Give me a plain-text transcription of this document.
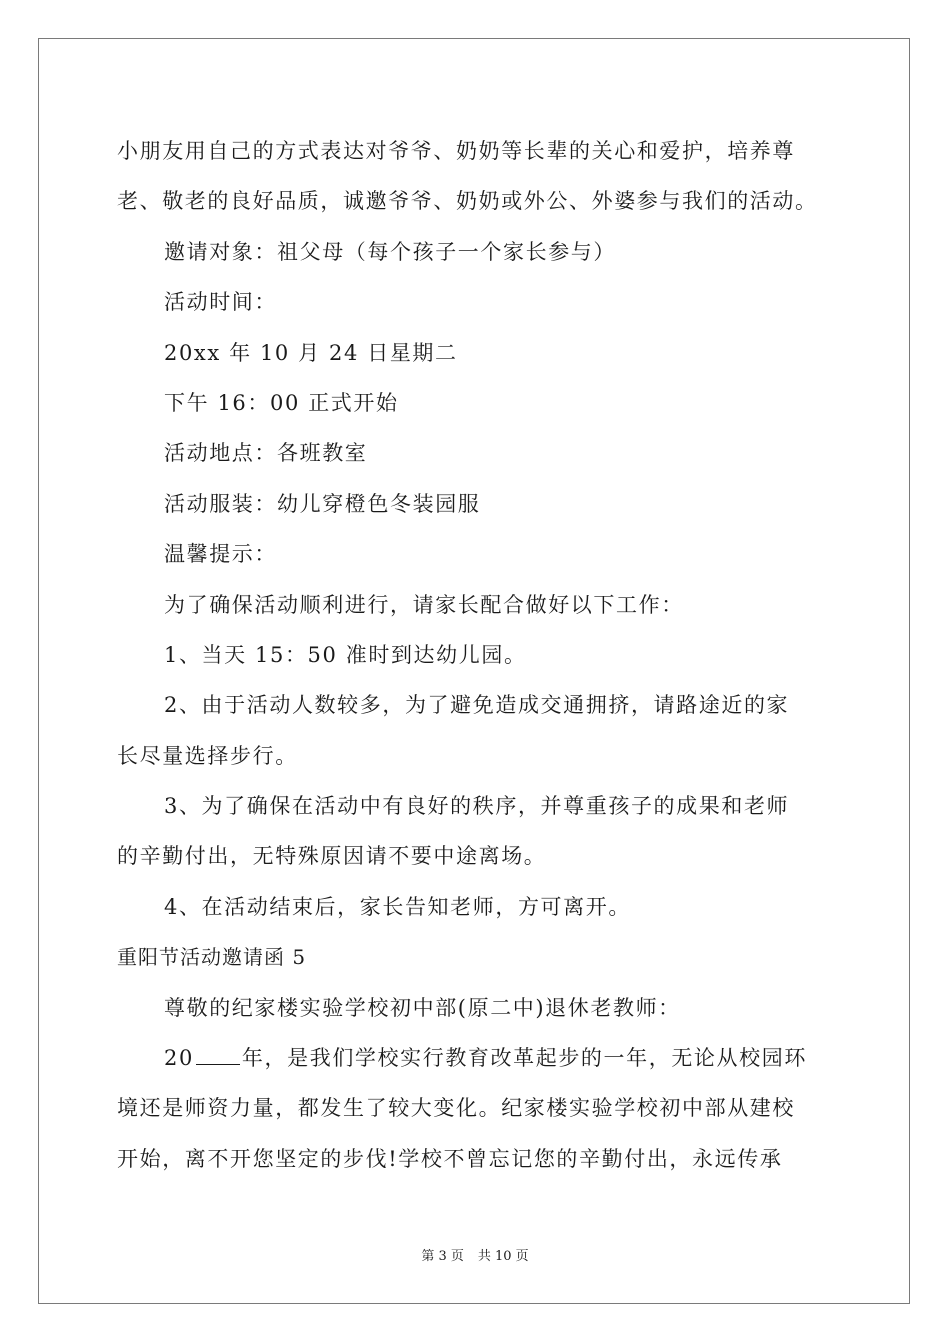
小朋友用自己的方式表达对爷爷、奶奶等长辈的关心和爱护，培养尊
老、敬老的良好品质，诚邀爷爷、奶奶或外公、外婆参与我们的活动。
邀请对象：祖父母（每个孩子一个家长参与）
活动时间：
20xx 年 10 月 24 日星期二
下午 16：00 正式开始
活动地点：各班教室
活动服装：幼儿穿橙色冬装园服
温馨提示：
为了确保活动顺利进行，请家长配合做好以下工作：
1、当天 15：50 准时到达幼儿园。
2、由于活动人数较多，为了避免造成交通拥挤，请路途近的家
长尽量选择步行。
3、为了确保在活动中有良好的秩序，并尊重孩子的成果和老师
的辛勤付出，无特殊原因请不要中途离场。
4、在活动结束后，家长告知老师，方可离开。
重阳节活动邀请函 5
尊敬的纪家楼实验学校初中部(原二中)退休老教师：
20 年，是我们学校实行教育改革起步的一年，无论从校园环
境还是师资力量，都发生了较大变化。纪家楼实验学校初中部从建校
开始，离不开您坚定的步伐!学校不曾忘记您的辛勤付出，永远传承
第 3 页 共 10 页
